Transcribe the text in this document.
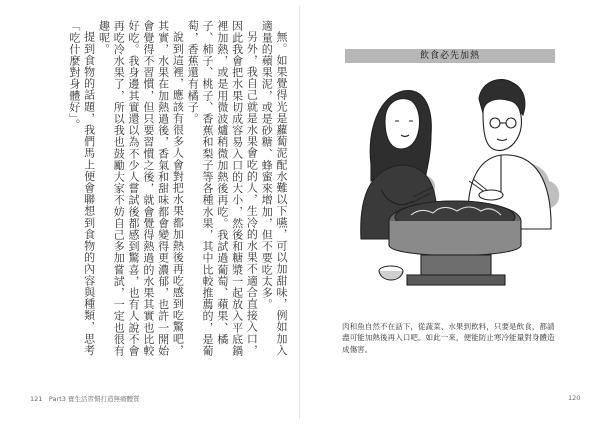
無。如果覺得光是蘿蔔泥配水難以下嚥，可以加甜味，例如加入適量的蘋果泥，或是砂糖、蜂蜜來增加，但不要吃太多。

另外，我自己就是水果會吃的人，生冷的水果不適合直接入口，因此我會把水果切成容易入口的大小，然後和糖漿一起放入平底鍋裡加熱，或是用微波爐稍微加熱後再吃。我試過葡萄、蘋果、橘子、柿子、桃子、香蕉和梨子等各種水果，其中比較推薦的，是葡萄，香蕉還有橘子。

說到這裡，應該有很多人會對把水果都加熱後再吃感到吃驚吧，其實，水果在加熱過後，香氣和甜味都會變得更濃郁，也許一開始會覺得不習慣，但只要習慣之後，就會覺得熱過的水果其實也比較好吃。我身邊其實還以為不少人嘗試後都感到驚喜，也有人說不會再吃冷水果了，所以我也鼓勵大家不妨自己多加嘗試，一定也很有趣呢。

提到食物的話題，我們馬上便會聯想到食物的內容與種類，思考「吃什麼對身體好」。	飲食必先加熱
肉和魚自然不在話下，從蔬菜、水果到飲料，只要是飲食，都請盡可能加熱後再入口吧。如此一來，便能防止寒冷能量對身體造成傷害。
121　Part3 寶生活習慣打造無痛體質	120
